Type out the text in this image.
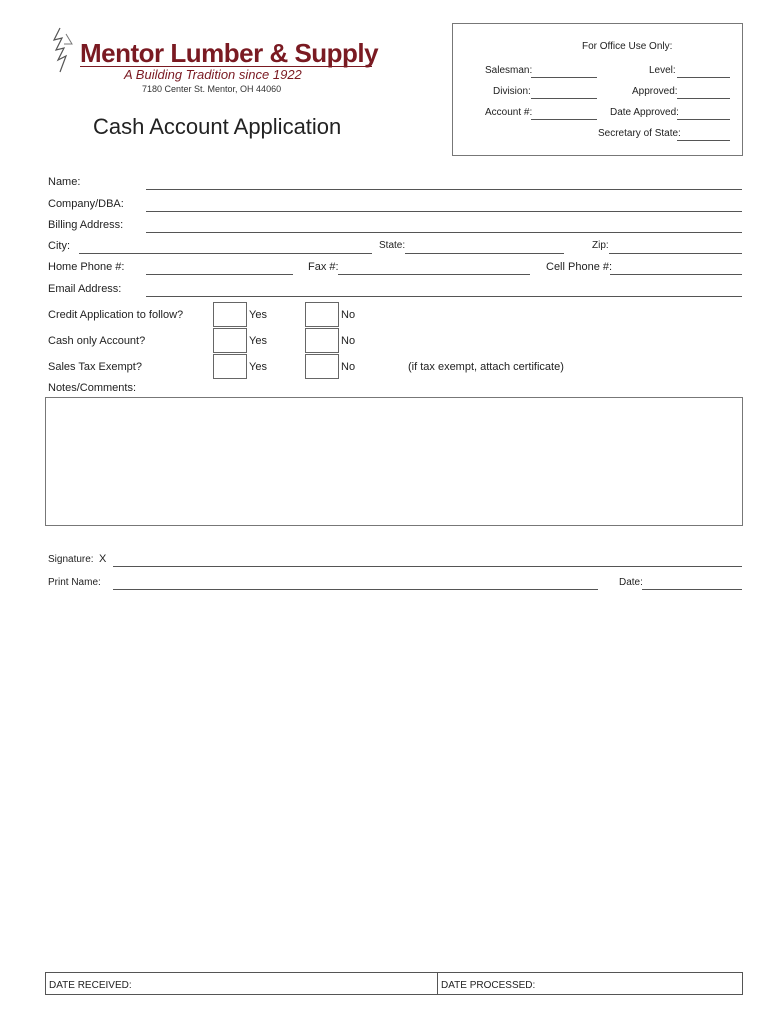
Mentor Lumber & Supply
A Building Tradition since 1922
7180 Center St. Mentor, OH 44060
Cash Account Application
For Office Use Only:
Salesman:	Level:
Division:	Approved:
Account #:	Date Approved:
Secretary of State:
Name:
Company/DBA:
Billing Address:
City:	State:	Zip:
Home Phone #:	Fax #:	Cell Phone #:
Email Address:
Credit Application to follow?	Yes	No
Cash only Account?	Yes	No
Sales Tax Exempt?	Yes	No	(if tax exempt, attach certificate)
Notes/Comments:
Signature: X
Print Name:	Date:
DATE RECEIVED:	DATE PROCESSED:
